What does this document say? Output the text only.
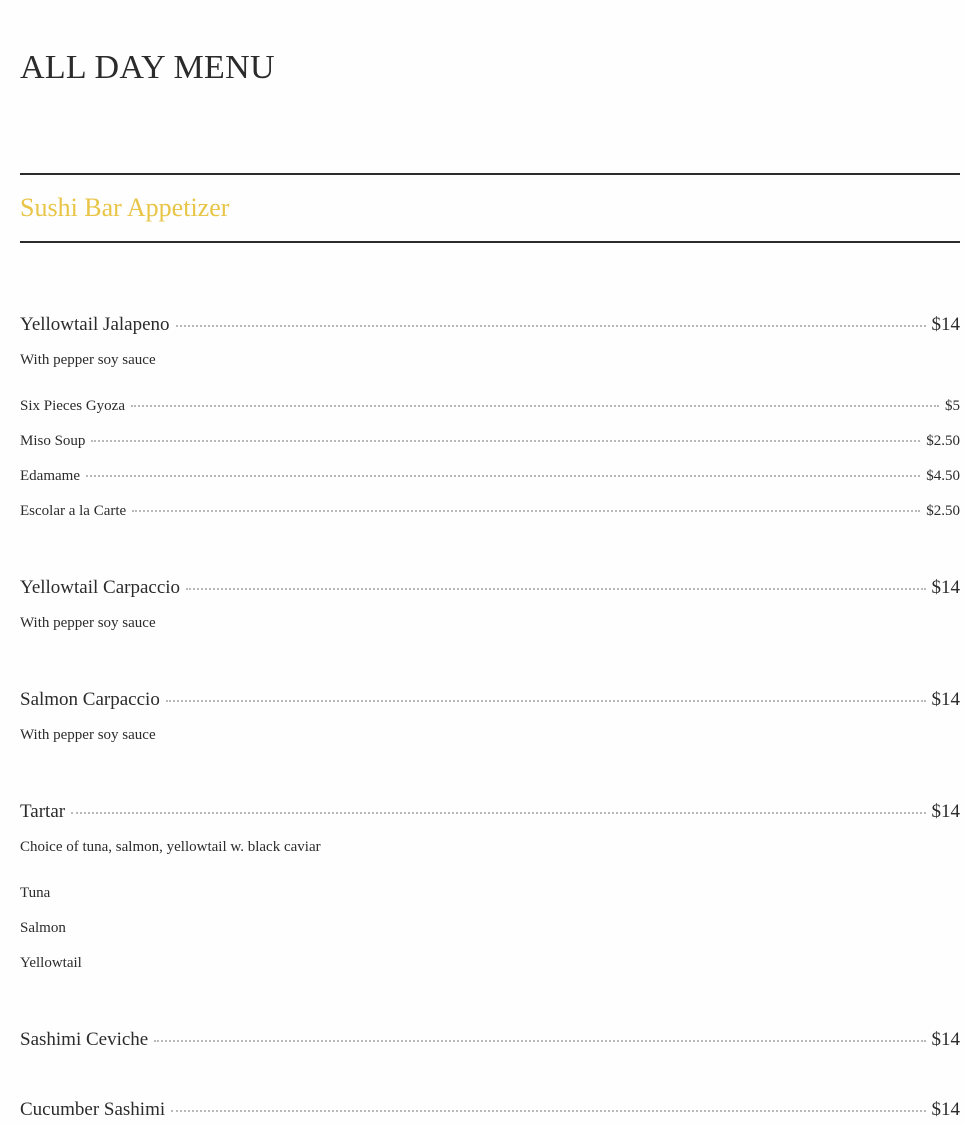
ALL DAY MENU
Sushi Bar Appetizer
Yellowtail Jalapeno	$14
With pepper soy sauce
Six Pieces Gyoza	$5
Miso Soup	$2.50
Edamame	$4.50
Escolar a la Carte	$2.50
Yellowtail Carpaccio	$14
With pepper soy sauce
Salmon Carpaccio	$14
With pepper soy sauce
Tartar	$14
Choice of tuna, salmon, yellowtail w. black caviar
Tuna
Salmon
Yellowtail
Sashimi Ceviche	$14
Cucumber Sashimi	$14
